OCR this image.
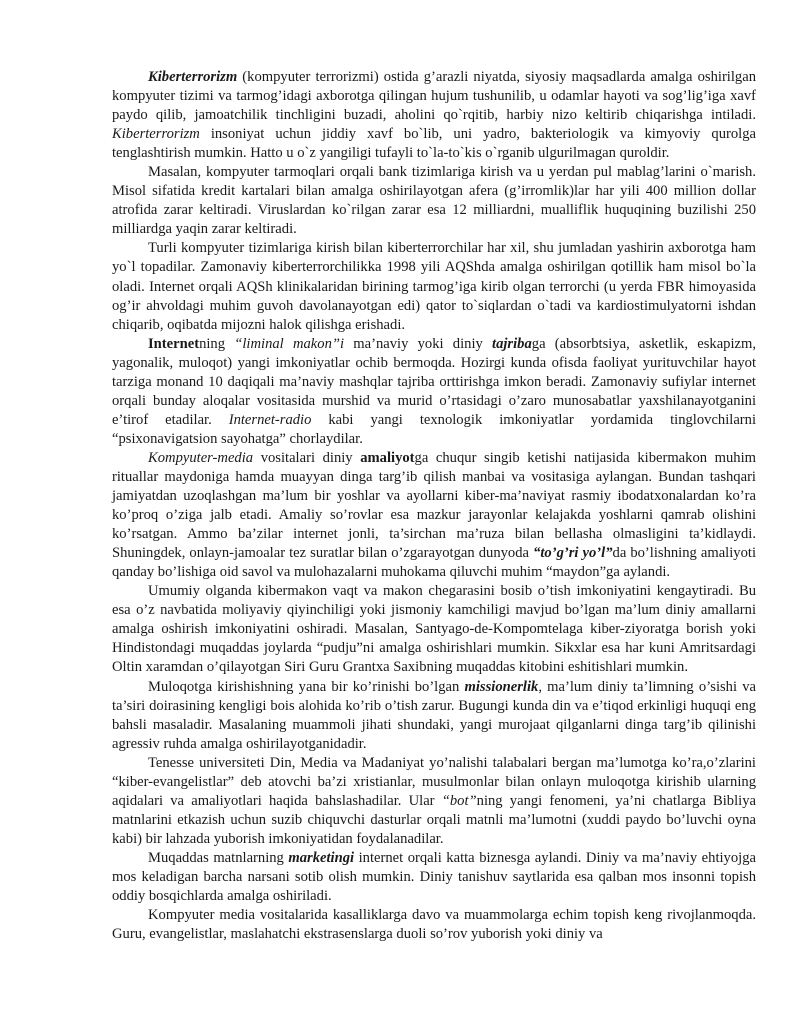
Kiberterrorizm (kompyuter terrorizmi) ostida g’arazli niyatda, siyosiy maqsadlarda amalga oshirilgan kompyuter tizimi va tarmog’idagi axborotga qilingan hujum tushunilib, u odamlar hayoti va sog’lig’iga xavf paydo qilib, jamoatchilik tinchligini buzadi, aholini qo`rqitib, harbiy nizo keltirib chiqarishga intiladi. Kiberterrorizm insoniyat uchun jiddiy xavf bo`lib, uni yadro, bakteriologik va kimyoviy qurolga tenglashtirish mumkin. Hatto u o`z yangiligi tufayli to`la-to`kis o`rganib ulgurilmagan quroldir.

Masalan, kompyuter tarmoqlari orqali bank tizimlariga kirish va u yerdan pul mablag’larini o`marish. Misol sifatida kredit kartalari bilan amalga oshirilayotgan afera (g’irromlik)lar har yili 400 million dollar atrofida zarar keltiradi. Viruslardan ko`rilgan zarar esa 12 milliardni, mualliflik huquqining buzilishi 250 milliardga yaqin zarar keltiradi.

Turli kompyuter tizimlariga kirish bilan kiberterrorchilar har xil, shu jumladan yashirin axborotga ham yo`l topadilar. Zamonaviy kiberterrorchilikka 1998 yili AQShda amalga oshirilgan qotillik ham misol bo`la oladi. Internet orqali AQSh klinikalaridan birining tarmog’iga kirib olgan terrorchi (u yerda FBR himoyasida og’ir ahvoldagi muhim guvoh davolanayotgan edi) qator to`siqlardan o`tadi va kardiostimulyatorni ishdan chiqarib, oqibatda mijozni halok qilishga erishadi.

Internetning “liminal makon”i ma’naviy yoki diniy tajribaga (absorbtsiya, asketlik, eskapizm, yagonalik, muloqot) yangi imkoniyatlar ochib bermoqda. Hozirgi kunda ofisda faoliyat yurituvchilar hayot tarziga monand 10 daqiqali ma’naviy mashqlar tajriba orttirishga imkon beradi. Zamonaviy sufiylar internet orqali bunday aloqalar vositasida murshid va murid o’rtasidagi o’zaro munosabatlar yaxshilanayotganini e’tirof etadilar. Internet-radio kabi yangi texnologik imkoniyatlar yordamida tinglovchilarni “psixonavigatsion sayohatga” chorlaydilar.

Kompyuter-media vositalari diniy amaliyotga chuqur singib ketishi natijasida kibermakon muhim rituallar maydoniga hamda muayyan dinga targ’ib qilish manbai va vositasiga aylangan. Bundan tashqari jamiyatdan uzoqlashgan ma’lum bir yoshlar va ayollarni kiber-ma’naviyat rasmiy ibodatxonalardan ko’ra ko’proq o’ziga jalb etadi. Amaliy so’rovlar esa mazkur jarayonlar kelajakda yoshlarni qamrab olishini ko’rsatgan. Ammo ba’zilar internet jonli, ta’sirchan ma’ruza bilan bellasha olmasligini ta’kidlaydi. Shuningdek, onlayn-jamoalar tez suratlar bilan o’zgarayotgan dunyoda “to’g’ri yo’l”da bo’lishning amaliyoti qanday bo’lishiga oid savol va mulohazalarni muhokama qiluvchi muhim “maydon”ga aylandi.

Umumiy olganda kibermakon vaqt va makon chegarasini bosib o’tish imkoniyatini kengaytiradi. Bu esa o’z navbatida moliyaviy qiyinchiligi yoki jismoniy kamchiligi mavjud bo’lgan ma’lum diniy amallarni amalga oshirish imkoniyatini oshiradi. Masalan, Santyago-de-Kompomtelaga kiber-ziyoratga borish yoki Hindistondagi muqaddas joylarda “pudju”ni amalga oshirishlari mumkin. Sikxlar esa har kuni Amritsardagi Oltin xaramdan o’qilayotgan Siri Guru Grantxa Saxibning muqaddas kitobini eshitishlari mumkin.

Muloqotga kirishishning yana bir ko’rinishi bo’lgan missionerlik, ma’lum diniy ta’limning o’sishi va ta’siri doirasining kengligi bois alohida ko’rib o’tish zarur. Bugungi kunda din va e’tiqod erkinligi huquqi eng bahsli masaladir. Masalaning muammoli jihati shundaki, yangi murojaat qilganlarni dinga targ’ib qilinishi agressiv ruhda amalga oshirilayotganidadir.

Tenesse universiteti Din, Media va Madaniyat yo’nalishi talabalari bergan ma’lumotga ko’ra,o’zlarini “kiber-evangelistlar” deb atovchi ba’zi xristianlar, musulmonlar bilan onlayn muloqotga kirishib ularning aqidalari va amaliyotlari haqida bahslashadilar. Ular “bot”ning yangi fenomeni, ya’ni chatlarga Bibliya matnlarini etkazish uchun suzib chiquvchi dasturlar orqali matnli ma’lumotni (xuddi paydo bo’luvchi oyna kabi) bir lahzada yuborish imkoniyatidan foydalanadilar.

Muqaddas matnlarning marketingi internet orqali katta biznesga aylandi. Diniy va ma’naviy ehtiyojga mos keladigan barcha narsani sotib olish mumkin. Diniy tanishuv saytlarida esa qalban mos insonni topish oddiy bosqichlarda amalga oshiriladi.

Kompyuter media vositalarida kasalliklarga davo va muammolarga echim topish keng rivojlanmoqda. Guru, evangelistlar, maslahatchi ekstrasenslarga duoli so’rov yuborish yoki diniy va
